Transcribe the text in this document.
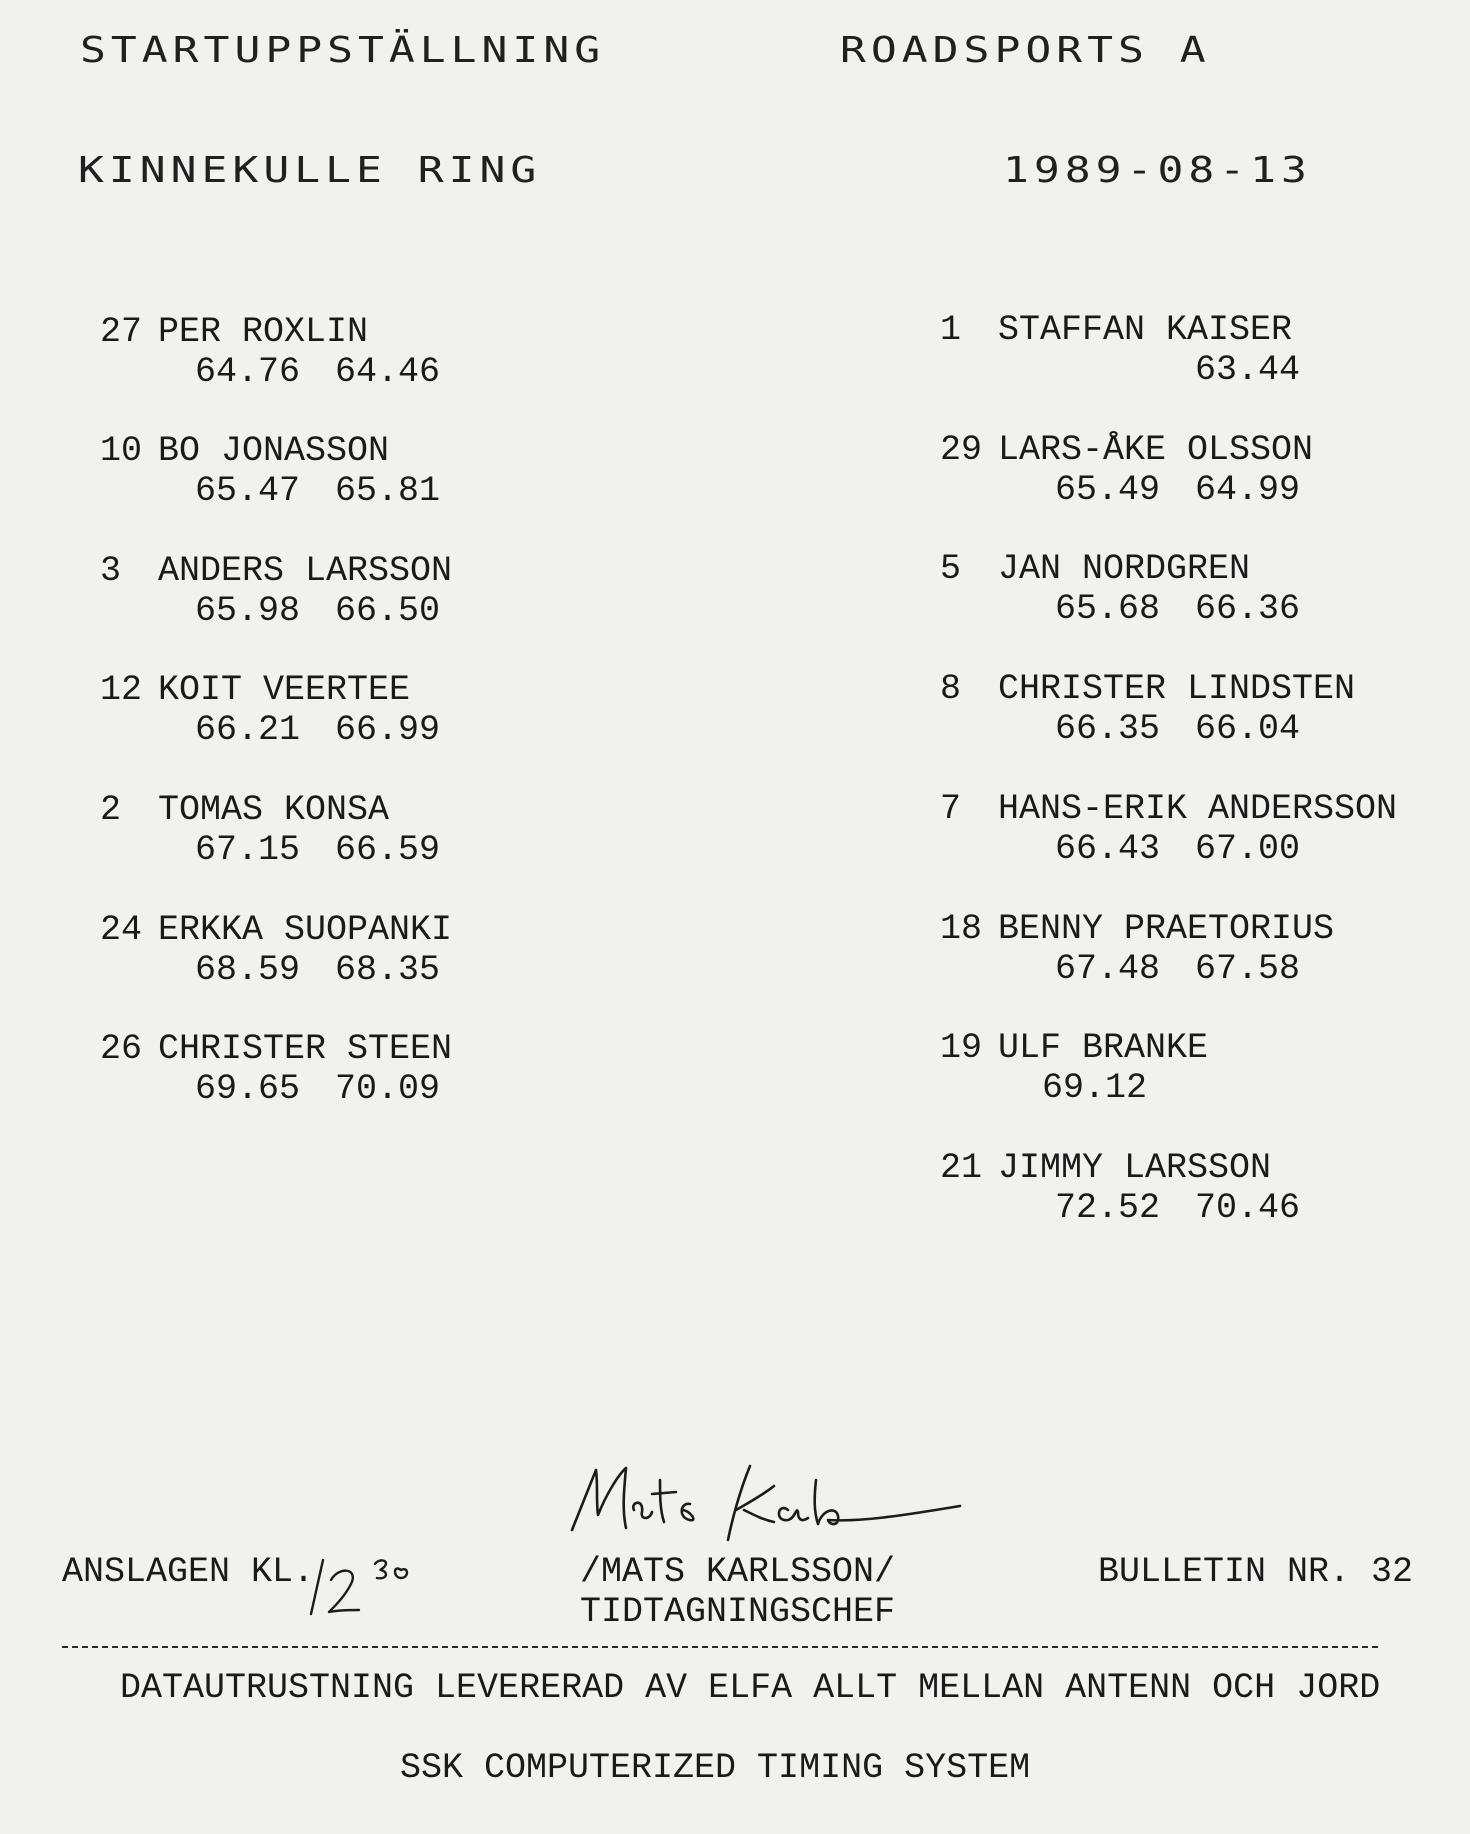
STARTUPPSTÄLLNING	ROADSPORTS A
KINNEKULLE RING	1989-08-13
27 PER ROXLIN
64.76 64.46
10 BO JONASSON
65.47 65.81
3	ANDERS LARSSON
65.98 66.50
12 KOIT VEERTEE
66.21 66.99
2	TOMAS KONSA
67.15 66.59
24 ERKKA SUOPANKI
68.59 68.35
26 CHRISTER STEEN
69.65 70.09
1	STAFFAN KAISER
63.44
29 LARS-ÅKE OLSSON
65.49 64.99
5	JAN NORDGREN
65.68 66.36
8	CHRISTER LINDSTEN
66.35 66.04
7	HANS-ERIK ANDERSSON
66.43 67.00
18 BENNY PRAETORIUS
67.48 67.58
19 ULF BRANKE
69.12
21 JIMMY LARSSON
72.52 70.46
ANSLAGEN KL.	/MATS KARLSSON/
TIDTAGNINGSCHEF
BULLETIN NR. 32
DATAUTRUSTNING LEVERERAD AV ELFA ALLT MELLAN ANTENN OCH JORD
SSK COMPUTERIZED TIMING SYSTEM
